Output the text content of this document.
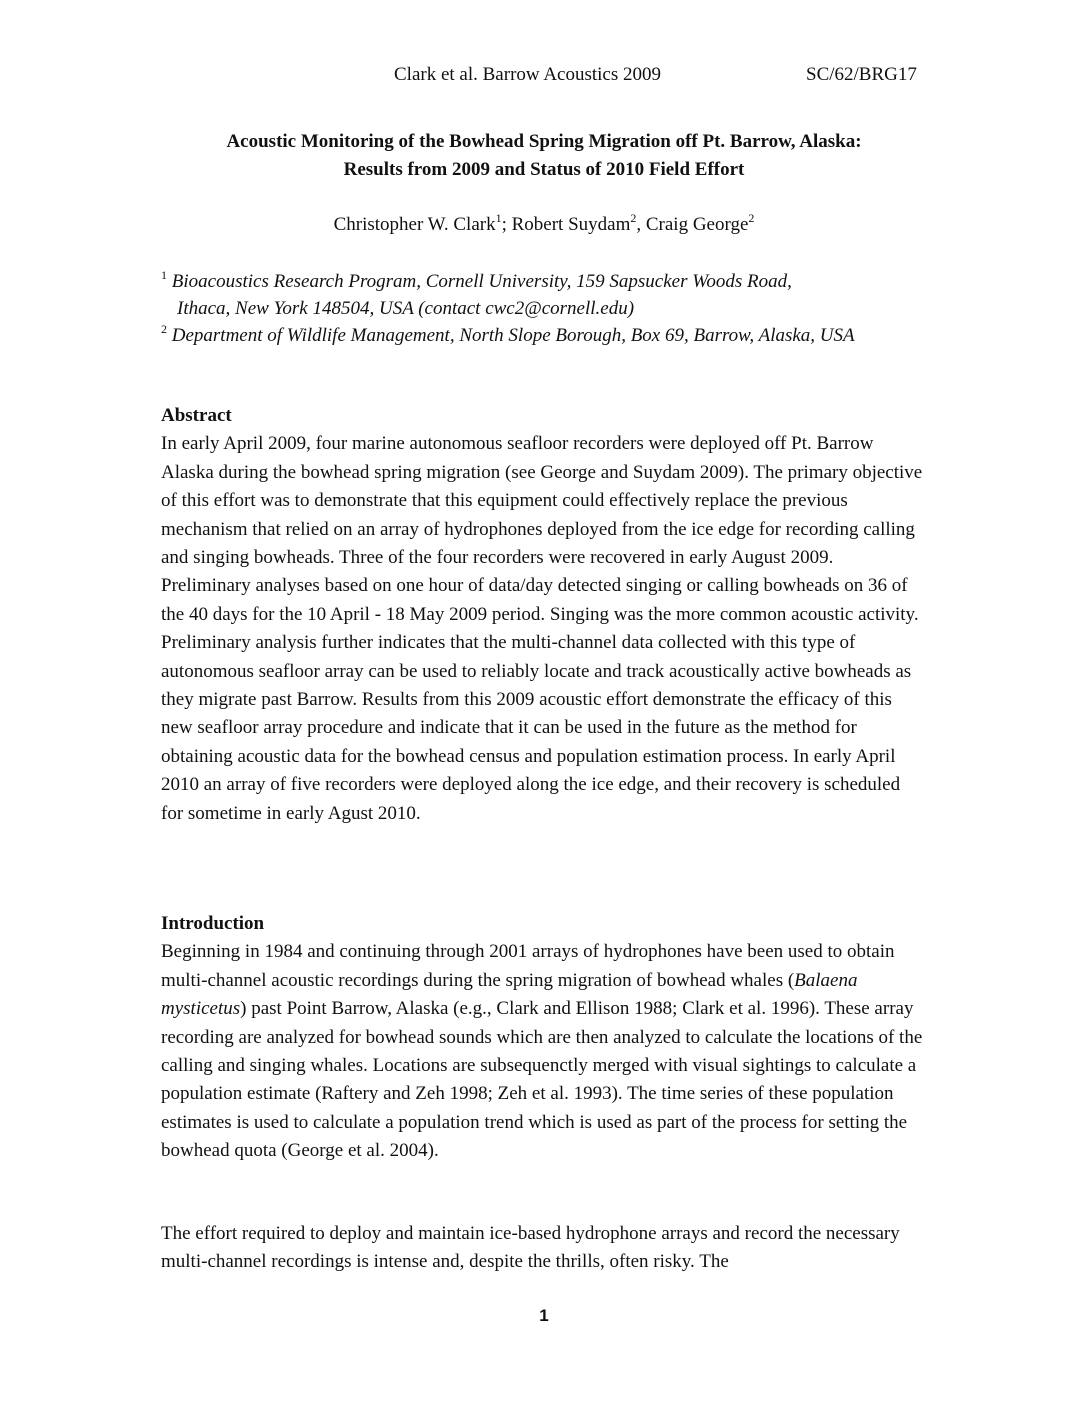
Clark et al. Barrow Acoustics 2009	SC/62/BRG17
Acoustic Monitoring of the Bowhead Spring Migration off Pt. Barrow, Alaska:
Results from 2009 and Status of 2010 Field Effort
Christopher W. Clark$^1$; Robert Suydam$^2$, Craig George$^2$

$^1$ Bioacoustics Research Program, Cornell University, 159 Sapsucker Woods Road,
Ithaca, New York 148504, USA (contact cwc2@cornell.edu)

$^2$ Department of Wildlife Management, North Slope Borough, Box 69, Barrow, Alaska, USA

Abstract

In early April 2009, four marine autonomous seafloor recorders were deployed off Pt. Barrow Alaska during the bowhead spring migration (see George and Suydam 2009). The primary objective of this effort was to demonstrate that this equipment could effectively replace the previous mechanism that relied on an array of hydrophones deployed from the ice edge for recording calling and singing bowheads. Three of the four recorders were recovered in early August 2009. Preliminary analyses based on one hour of data/day detected singing or calling bowheads on 36 of the 40 days for the 10 April - 18 May 2009 period. Singing was the more common acoustic activity. Preliminary analysis further indicates that the multi-channel data collected with this type of autonomous seafloor array can be used to reliably locate and track acoustically active bowheads as they migrate past Barrow. Results from this 2009 acoustic effort demonstrate the efficacy of this new seafloor array procedure and indicate that it can be used in the future as the method for obtaining acoustic data for the bowhead census and population estimation process. In early April 2010 an array of five recorders were deployed along the ice edge, and their recovery is scheduled for sometime in early Agust 2010.

Introduction

Beginning in 1984 and continuing through 2001 arrays of hydrophones have been used to obtain multi-channel acoustic recordings during the spring migration of bowhead whales (Balaena mysticetus) past Point Barrow, Alaska (e.g., Clark and Ellison 1988; Clark et al. 1996). These array recording are analyzed for bowhead sounds which are then analyzed to calculate the locations of the calling and singing whales. Locations are subsequenctly merged with visual sightings to calculate a population estimate (Raftery and Zeh 1998; Zeh et al. 1993). The time series of these population estimates is used to calculate a population trend which is used as part of the process for setting the bowhead quota (George et al. 2004).

The effort required to deploy and maintain ice-based hydrophone arrays and record the necessary multi-channel recordings is intense and, despite the thrills, often risky. The

1
